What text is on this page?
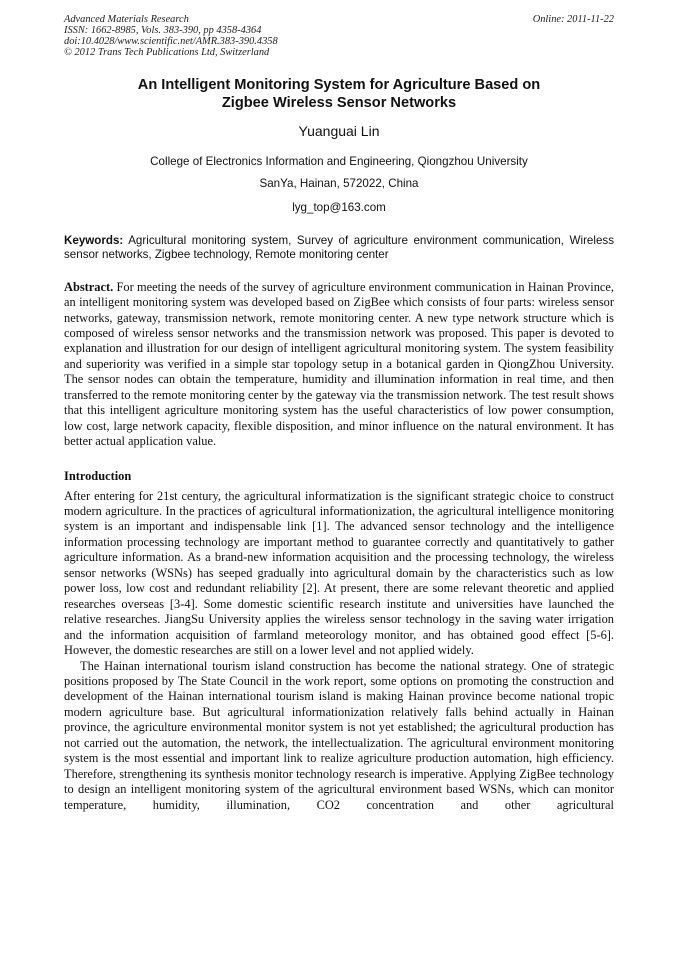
Advanced Materials Research
ISSN: 1662-8985, Vols. 383-390, pp 4358-4364
doi:10.4028/www.scientific.net/AMR.383-390.4358
© 2012 Trans Tech Publications Ltd, Switzerland
Online: 2011-11-22
An Intelligent Monitoring System for Agriculture Based on
Zigbee Wireless Sensor Networks
Yuanguai Lin
College of Electronics Information and Engineering, Qiongzhou University
SanYa, Hainan, 572022, China
lyg_top@163.com
Keywords: Agricultural monitoring system, Survey of agriculture environment communication, Wireless sensor networks, Zigbee technology, Remote monitoring center
Abstract. For meeting the needs of the survey of agriculture environment communication in Hainan Province, an intelligent monitoring system was developed based on ZigBee which consists of four parts: wireless sensor networks, gateway, transmission network, remote monitoring center. A new type network structure which is composed of wireless sensor networks and the transmission network was proposed. This paper is devoted to explanation and illustration for our design of intelligent agricultural monitoring system. The system feasibility and superiority was verified in a simple star topology setup in a botanical garden in QiongZhou University. The sensor nodes can obtain the temperature, humidity and illumination information in real time, and then transferred to the remote monitoring center by the gateway via the transmission network. The test result shows that this intelligent agriculture monitoring system has the useful characteristics of low power consumption, low cost, large network capacity, flexible disposition, and minor influence on the natural environment. It has better actual application value.
Introduction
After entering for 21st century, the agricultural informatization is the significant strategic choice to construct modern agriculture. In the practices of agricultural informationization, the agricultural intelligence monitoring system is an important and indispensable link [1]. The advanced sensor technology and the intelligence information processing technology are important method to guarantee correctly and quantitatively to gather agriculture information. As a brand-new information acquisition and the processing technology, the wireless sensor networks (WSNs) has seeped gradually into agricultural domain by the characteristics such as low power loss, low cost and redundant reliability [2]. At present, there are some relevant theoretic and applied researches overseas [3-4]. Some domestic scientific research institute and universities have launched the relative researches. JiangSu University applies the wireless sensor technology in the saving water irrigation and the information acquisition of farmland meteorology monitor, and has obtained good effect [5-6]. However, the domestic researches are still on a lower level and not applied widely.
The Hainan international tourism island construction has become the national strategy. One of strategic positions proposed by The State Council in the work report, some options on promoting the construction and development of the Hainan international tourism island is making Hainan province become national tropic modern agriculture base. But agricultural informationization relatively falls behind actually in Hainan province, the agriculture environmental monitor system is not yet established; the agricultural production has not carried out the automation, the network, the intellectualization. The agricultural environment monitoring system is the most essential and important link to realize agriculture production automation, high efficiency. Therefore, strengthening its synthesis monitor technology research is imperative. Applying ZigBee technology to design an intelligent monitoring system of the agricultural environment based WSNs, which can monitor temperature, humidity, illumination, CO2 concentration and other agricultural
